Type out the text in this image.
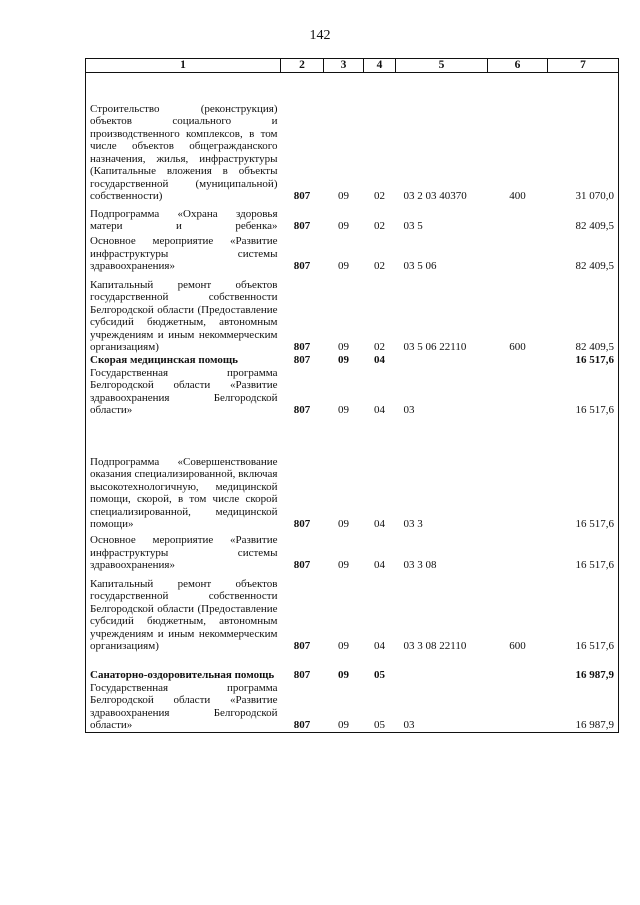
142
1	2	3	4	5	6	7
Строительство (реконструкция) объектов социального и производственного комплексов, в том числе объектов общегражданского назначения, жилья, инфраструктуры (Капитальные вложения в объекты государственной (муниципальной) собственности)	807	09	02	03 2 03 40370	400	31 070,0
Подпрограмма «Охрана здоровья матери и ребенка»	807	09	02	03 5		82 409,5
Основное мероприятие «Развитие инфраструктуры системы здравоохранения»	807	09	02	03 5 06		82 409,5
Капитальный ремонт объектов государственной собственности Белгородской области (Предоставление субсидий бюджетным, автономным учреждениям и иным некоммерческим организациям)	807	09	02	03 5 06 22110	600	82 409,5
Скорая медицинская помощь	807	09	04			16 517,6
Государственная программа Белгородской области «Развитие здравоохранения Белгородской области»	807	09	04	03		16 517,6
Подпрограмма «Совершенствование оказания специализированной, включая высокотехнологичную, медицинской помощи, скорой, в том числе скорой специализированной, медицинской помощи»	807	09	04	03 3		16 517,6
Основное мероприятие «Развитие инфраструктуры системы здравоохранения»	807	09	04	03 3 08		16 517,6
Капитальный ремонт объектов государственной собственности Белгородской области (Предоставление субсидий бюджетным, автономным учреждениям и иным некоммерческим организациям)	807	09	04	03 3 08 22110	600	16 517,6
Санаторно-оздоровительная помощь	807	09	05			16 987,9
Государственная программа Белгородской области «Развитие здравоохранения Белгородской области»	807	09	05	03		16 987,9
